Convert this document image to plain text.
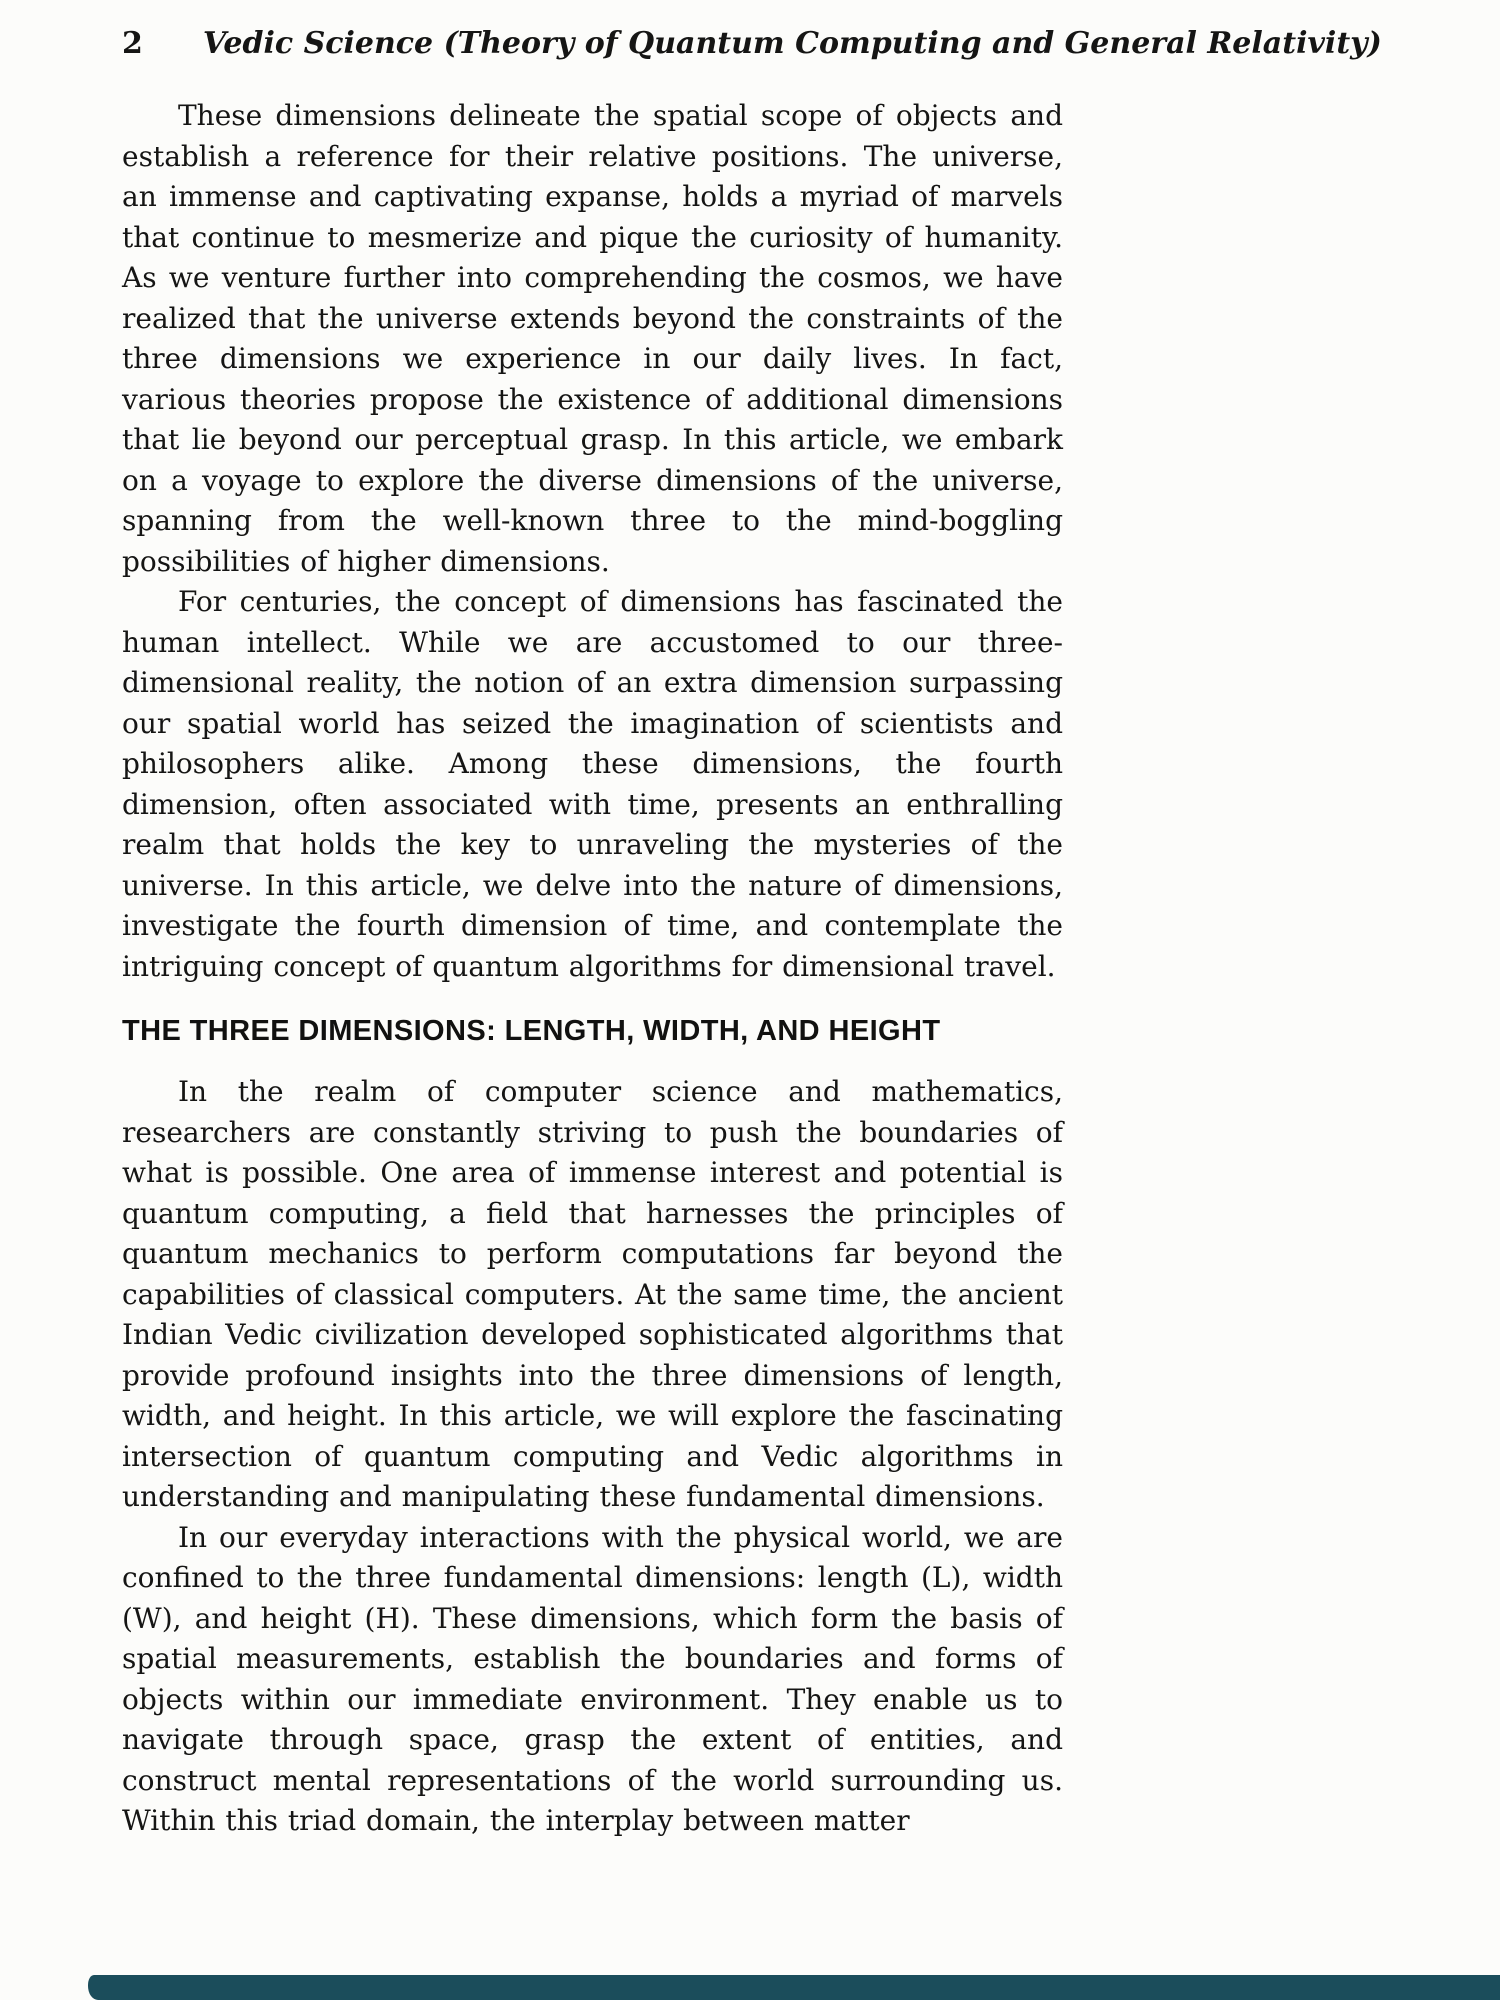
2 Vedic Science (Theory of Quantum Computing and General Relativity)

These dimensions delineate the spatial scope of objects and establish a reference for their relative positions. The universe, an immense and captivating expanse, holds a myriad of marvels that continue to mesmerize and pique the curiosity of humanity. As we venture further into comprehending the cosmos, we have realized that the universe extends beyond the constraints of the three dimensions we experience in our daily lives. In fact, various theories propose the existence of additional dimensions that lie beyond our perceptual grasp. In this article, we embark on a voyage to explore the diverse dimensions of the universe, spanning from the well-known three to the mind-boggling possibilities of higher dimensions.

For centuries, the concept of dimensions has fascinated the human intellect. While we are accustomed to our three-dimensional reality, the notion of an extra dimension surpassing our spatial world has seized the imagination of scientists and philosophers alike. Among these dimensions, the fourth dimension, often associated with time, presents an enthralling realm that holds the key to unraveling the mysteries of the universe. In this article, we delve into the nature of dimensions, investigate the fourth dimension of time, and contemplate the intriguing concept of quantum algorithms for dimensional travel.

THE THREE DIMENSIONS: LENGTH, WIDTH, AND HEIGHT

In the realm of computer science and mathematics, researchers are constantly striving to push the boundaries of what is possible. One area of immense interest and potential is quantum computing, a field that harnesses the principles of quantum mechanics to perform computations far beyond the capabilities of classical computers. At the same time, the ancient Indian Vedic civilization developed sophisticated algorithms that provide profound insights into the three dimensions of length, width, and height. In this article, we will explore the fascinating intersection of quantum computing and Vedic algorithms in understanding and manipulating these fundamental dimensions.

In our everyday interactions with the physical world, we are confined to the three fundamental dimensions: length (L), width (W), and height (H). These dimensions, which form the basis of spatial measurements, establish the boundaries and forms of objects within our immediate environment. They enable us to navigate through space, grasp the extent of entities, and construct mental representations of the world surrounding us. Within this triad domain, the interplay between matter
